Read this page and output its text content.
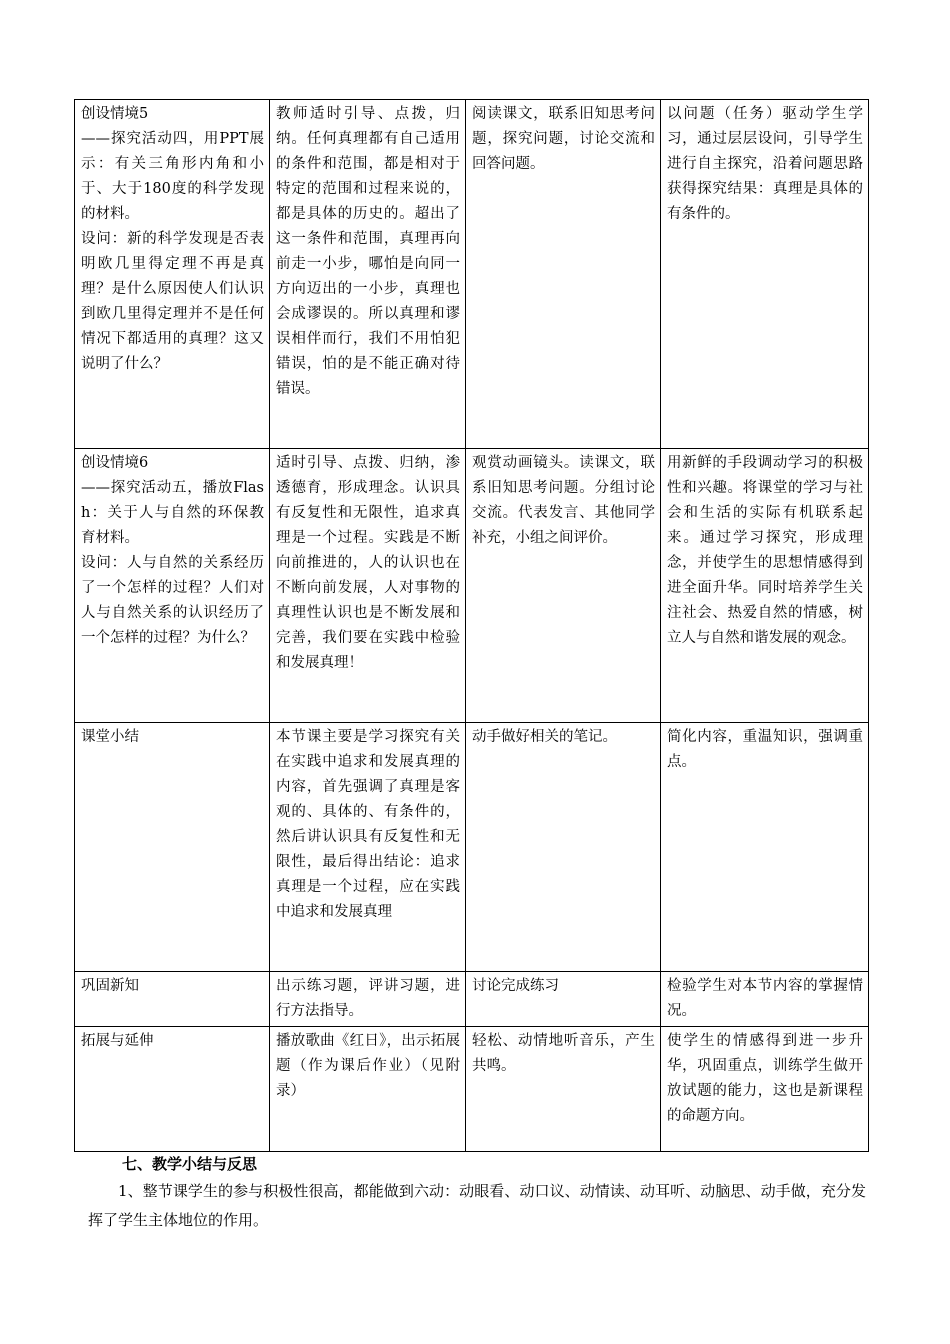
创设情境5
——探究活动四，用PPT展示：有关三角形内角和小于、大于180度的科学发现的材料。
设问：新的科学发现是否表明欧几里得定理不再是真理？是什么原因使人们认识到欧几里得定理并不是任何情况下都适用的真理？这又说明了什么？	教师适时引导、点拨，归纳。任何真理都有自己适用的条件和范围，都是相对于特定的范围和过程来说的，都是具体的历史的。超出了这一条件和范围，真理再向前走一小步，哪怕是向同一方向迈出的一小步，真理也会成谬误的。所以真理和谬误相伴而行，我们不用怕犯错误，怕的是不能正确对待错误。	阅读课文，联系旧知思考问题，探究问题，讨论交流和回答问题。	以问题（任务）驱动学生学习，通过层层设问，引导学生进行自主探究，沿着问题思路获得探究结果：真理是具体的有条件的。

创设情境6
——探究活动五，播放Flash：关于人与自然的环保教育材料。
设问：人与自然的关系经历了一个怎样的过程？人们对人与自然关系的认识经历了一个怎样的过程？为什么？	适时引导、点拨、归纳，渗透德育，形成理念。认识具有反复性和无限性，追求真理是一个过程。实践是不断向前推进的，人的认识也在不断向前发展，人对事物的真理性认识也是不断发展和完善，我们要在实践中检验和发展真理！	观赏动画镜头。读课文，联系旧知思考问题。分组讨论交流。代表发言、其他同学补充，小组之间评价。	用新鲜的手段调动学习的积极性和兴趣。将课堂的学习与社会和生活的实际有机联系起来。通过学习探究，形成理念，并使学生的思想情感得到进全面升华。同时培养学生关注社会、热爱自然的情感，树立人与自然和谐发展的观念。

课堂小结	本节课主要是学习探究有关在实践中追求和发展真理的内容，首先强调了真理是客观的、具体的、有条件的，然后讲认识具有反复性和无限性，最后得出结论：追求真理是一个过程，应在实践中追求和发展真理	动手做好相关的笔记。	简化内容，重温知识，强调重点。

巩固新知	出示练习题，评讲习题，进行方法指导。	讨论完成练习	检验学生对本节内容的掌握情况。

拓展与延伸	播放歌曲《红日》，出示拓展题（作为课后作业）（见附录）	轻松、动情地听音乐，产生共鸣。	使学生的情感得到进一步升华，巩固重点，训练学生做开放试题的能力，这也是新课程的命题方向。
七、教学小结与反思
1、整节课学生的参与积极性很高，都能做到六动：动眼看、动口议、动情读、动耳听、动脑思、动手做，充分发挥了学生主体地位的作用。
